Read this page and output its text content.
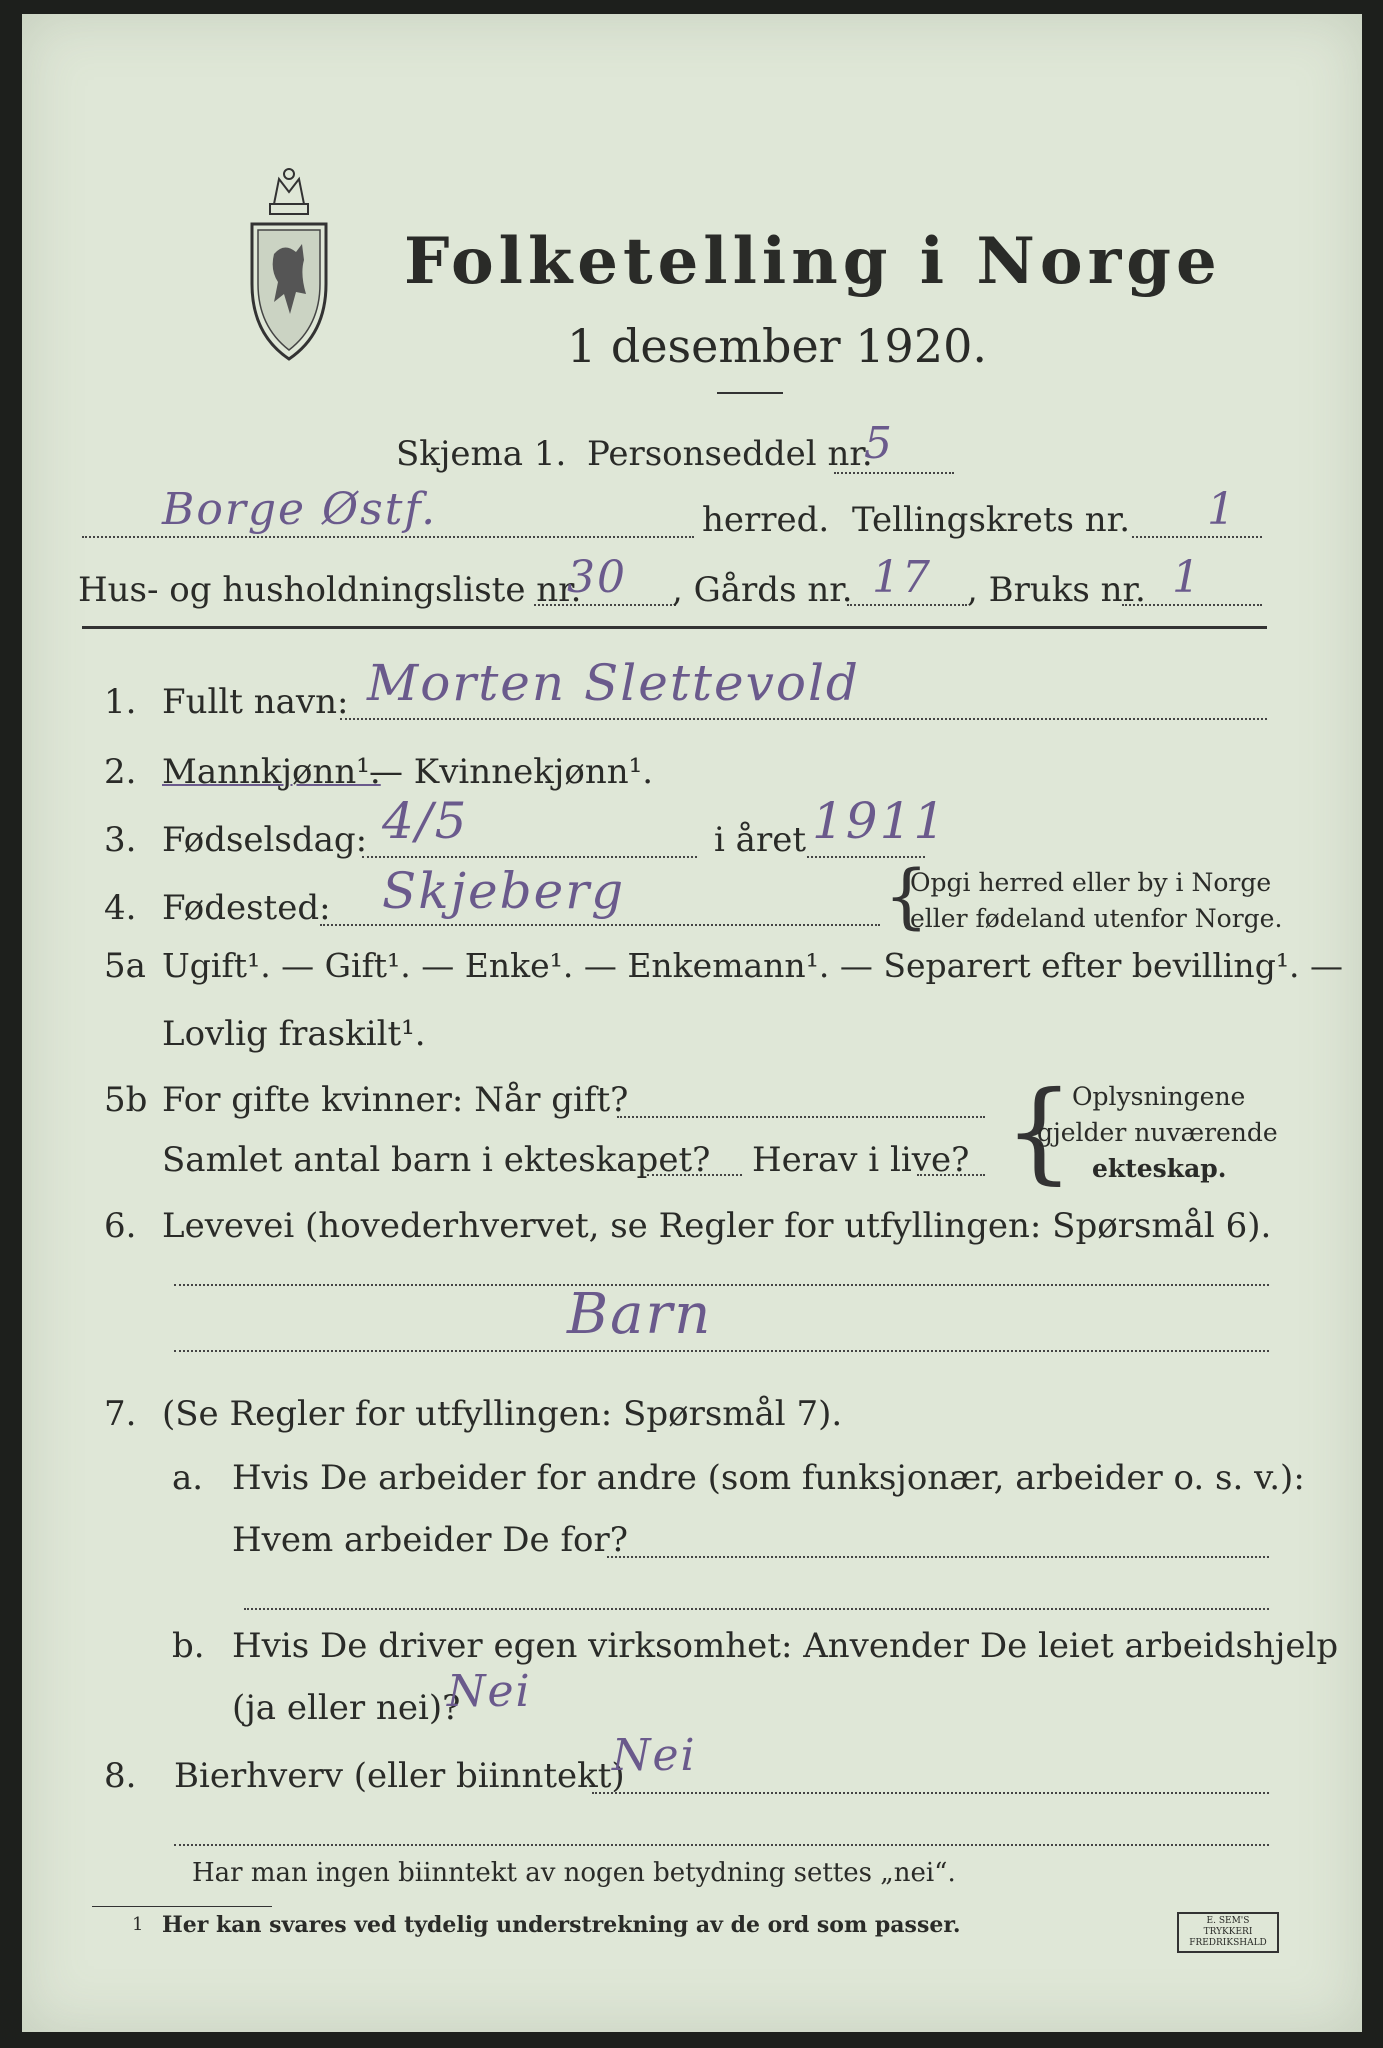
Folketelling i Norge
1 desember 1920.
Skjema 1. Personseddel nr.
5
Borge Østf.	herred. Tellingskrets nr. 1
Hus- og husholdningsliste nr.
30 , Gårds nr. 17 , Bruks nr. 1
1. Fullt navn: Morten Slettevold
2. Mannkjønn¹.
— Kvinnekjønn¹.
3. Fødselsdag: 4/5	i året 1911
4. Fødested: Skjeberg	{
Opgi herred eller by i Norge
eller fødeland utenfor Norge.
5a Ugift¹. — Gift¹. — Enke¹. — Enkemann¹. — Separert efter bevilling¹. —
Lovlig fraskilt¹.
5b For gifte kvinner: Når gift?
Samlet antal barn i ekteskapet? Herav i live? {
Oplysningene
gjelder nuværende
ekteskap.
6. Levevei (hovederhvervet, se Regler for utfyllingen: Spørsmål 6).
Barn
7. (Se Regler for utfyllingen: Spørsmål 7).
a. Hvis De arbeider for andre (som funksjonær, arbeider o. s. v.):
Hvem arbeider De for?
b. Hvis De driver egen virksomhet: Anvender De leiet arbeidshjelp
(ja eller nei)?
Nei
8. Bierhverv (eller biinntekt)
Nei
Har man ingen biinntekt av nogen betydning settes „nei“.
1 Her kan svares ved tydelig understrekning av de ord som passer.	E. SEM'S TRYKKERI FREDRIKSHALD
